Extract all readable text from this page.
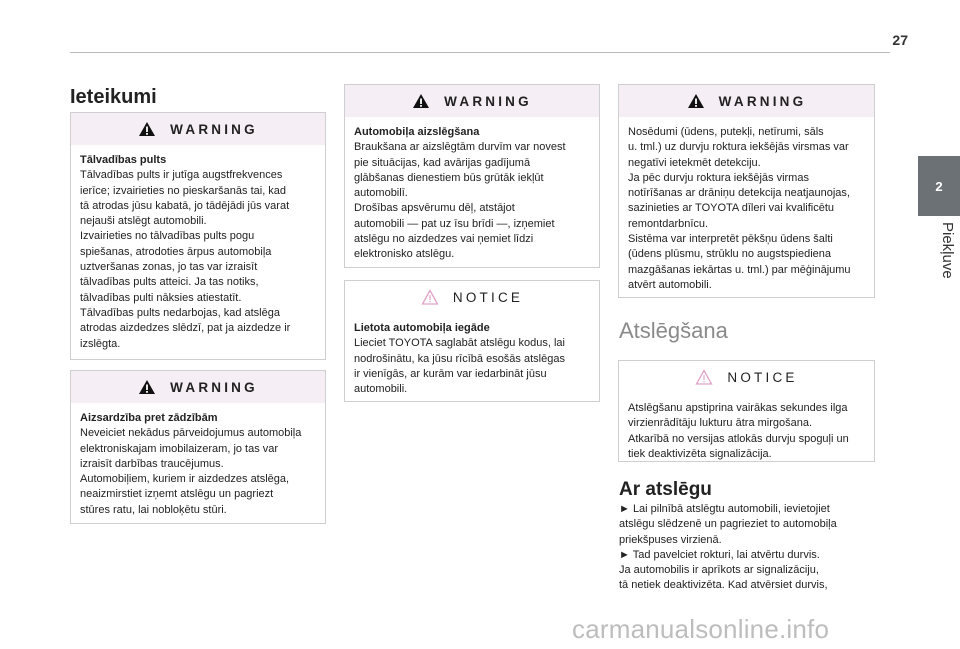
27
2
Piekļuve
Ieteikumi
WARNING
Tālvadības pults
Tālvadības pults ir jutīga augstfrekvences
ierīce; izvairieties no pieskaršanās tai, kad
tā atrodas jūsu kabatā, jo tādējādi jūs varat
nejauši atslēgt automobili.
Izvairieties no tālvadības pults pogu
spiešanas, atrodoties ārpus automobiļa
uztveršanas zonas, jo tas var izraisīt
tālvadības pults atteici. Ja tas notiks,
tālvadības pulti nāksies atiestatīt.
Tālvadības pults nedarbojas, kad atslēga
atrodas aizdedzes slēdzī, pat ja aizdedze ir
izslēgta.
WARNING
Aizsardzība pret zādzībām
Neveiciet nekādus pārveidojumus automobiļa
elektroniskajam imobilaizeram, jo tas var
izraisīt darbības traucējumus.
Automobiļiem, kuriem ir aizdedzes atslēga,
neaizmirstiet izņemt atslēgu un pagriezt
stūres ratu, lai nobloķētu stūri.
WARNING
Automobiļa aizslēgšana
Braukšana ar aizslēgtām durvīm var novest
pie situācijas, kad avārijas gadījumā
glābšanas dienestiem būs grūtāk iekļūt
automobilī.
Drošības apsvērumu dēļ, atstājot
automobili — pat uz īsu brīdi —, izņemiet
atslēgu no aizdedzes vai ņemiet līdzi
elektronisko atslēgu.
NOTICE
Lietota automobiļa iegāde
Lieciet TOYOTA saglabāt atslēgu kodus, lai
nodrošinātu, ka jūsu rīcībā esošās atslēgas
ir vienīgās, ar kurām var iedarbināt jūsu
automobili.
WARNING
Nosēdumi (ūdens, putekļi, netīrumi, sāls
u. tml.) uz durvju roktura iekšējās virsmas var
negatīvi ietekmēt detekciju.
Ja pēc durvju roktura iekšējās virmas
notīrīšanas ar drāniņu detekcija neatjaunojas,
sazinieties ar TOYOTA dīleri vai kvalificētu
remontdarbnīcu.
Sistēma var interpretēt pēkšņu ūdens šalti
(ūdens plūsmu, strūklu no augstspiediena
mazgāšanas iekārtas u. tml.) par mēģinājumu
atvērt automobili.
Atslēgšana
NOTICE
Atslēgšanu apstiprina vairākas sekundes ilga
virzienrādītāju lukturu ātra mirgošana.
Atkarībā no versijas atlokās durvju spoguļi un
tiek deaktivizēta signalizācija.
Ar atslēgu
► Lai pilnībā atslēgtu automobili, ievietojiet
atslēgu slēdzenē un pagrieziet to automobiļa
priekšpuses virzienā.
► Tad pavelciet rokturi, lai atvērtu durvis.
Ja automobilis ir aprīkots ar signalizāciju,
tā netiek deaktivizēta. Kad atvērsiet durvis,
carmanualsonline.info
